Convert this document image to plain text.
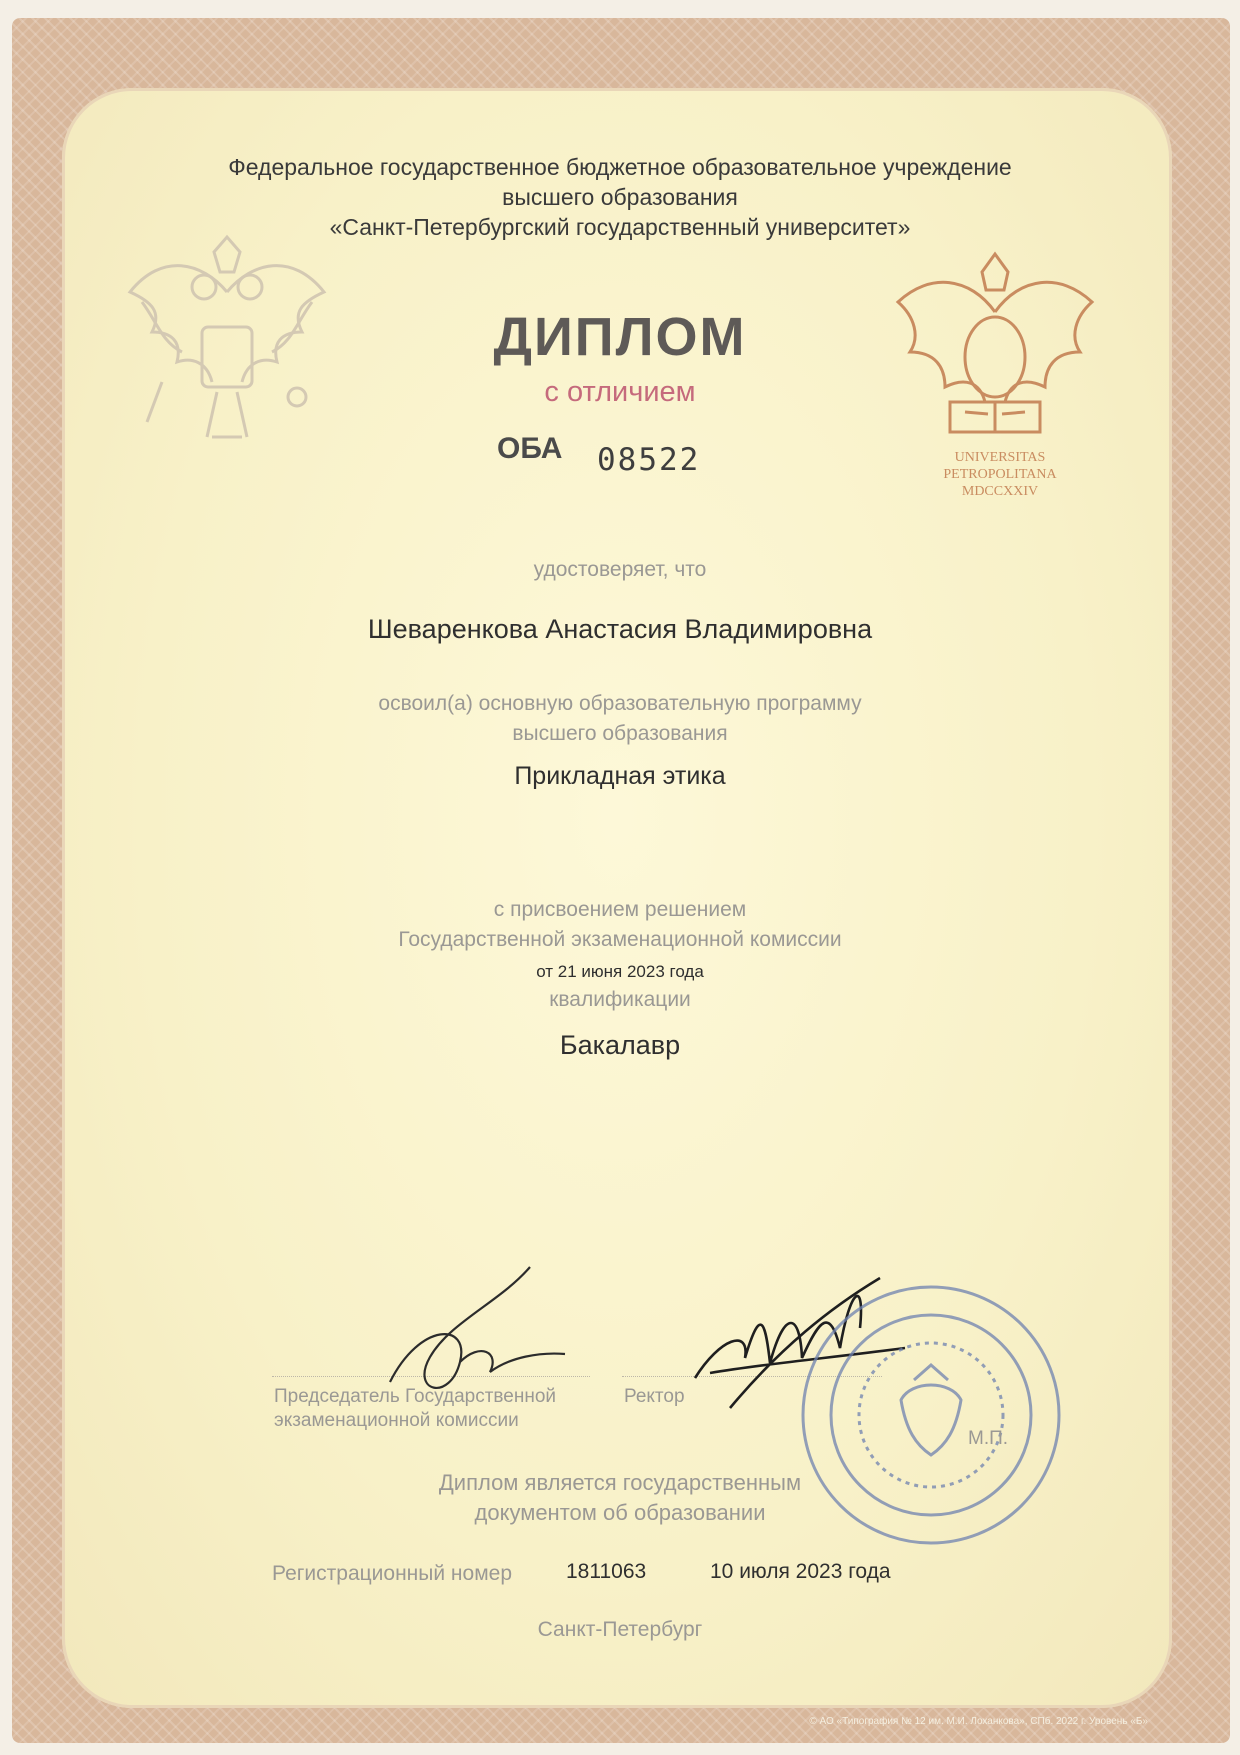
Федеральное государственное бюджетное образовательное учреждение
высшего образования
«Санкт-Петербургский государственный университет»
ДИПЛОМ
с отличием
ОБА 08522	UNIVERSITAS
PETROPOLITANA
MDCCXXIV
удостоверяет, что
Шеваренкова Анастасия Владимировна
освоил(а) основную образовательную программу
высшего образования
Прикладная этика
с присвоением решением
Государственной экзаменационной комиссии
от 21 июня 2023 года
квалификации
Бакалавр
Председатель Государственной
экзаменационной комиссии
Ректор
М.П.
Диплом является государственным
документом об образовании
Регистрационный номер	1811063	10 июля 2023 года
Санкт-Петербург
© АО «Типография № 12 им. М.И. Лоханкова», СПб. 2022 г. Уровень «Б»
